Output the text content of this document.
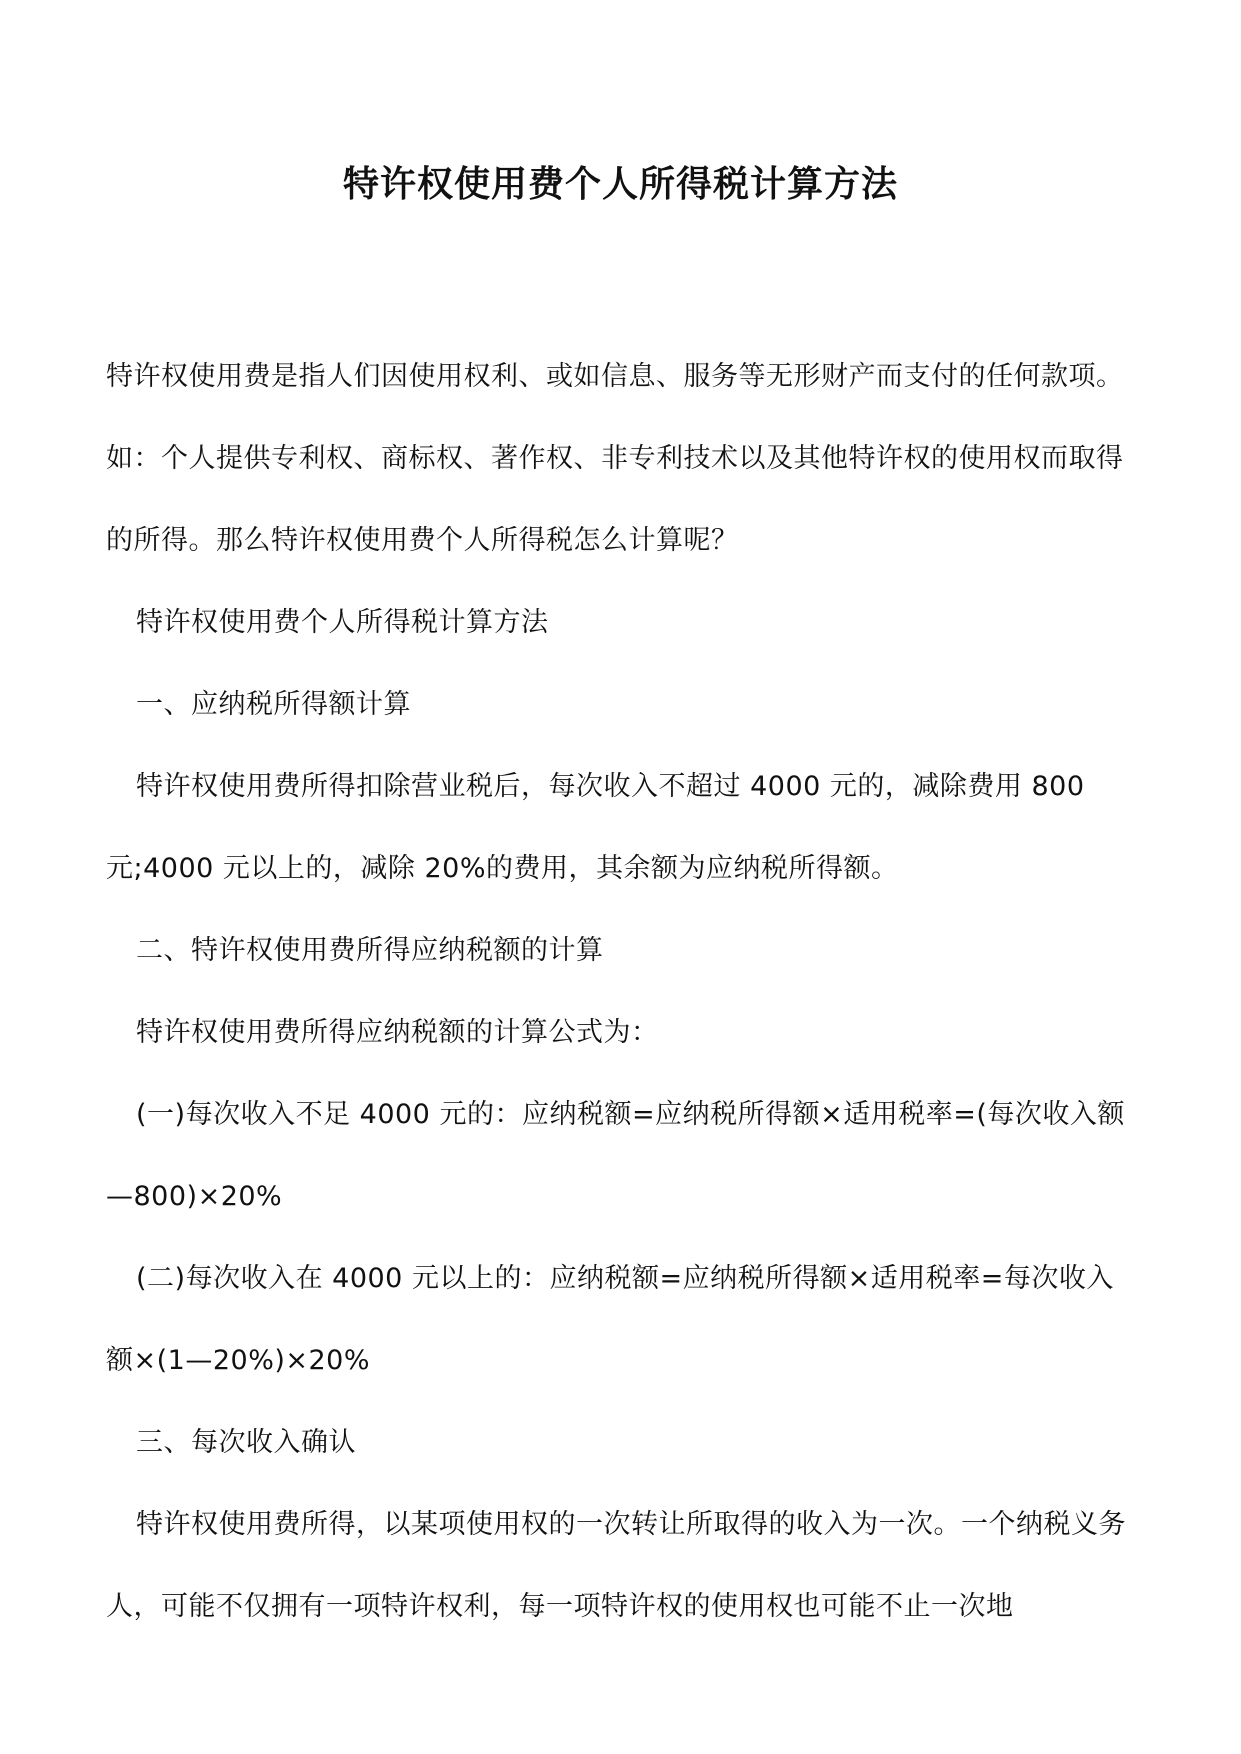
特许权使用费个人所得税计算方法

特许权使用费是指人们因使用权利、或如信息、服务等无形财产而支付的任何款项。如：个人提供专利权、商标权、著作权、非专利技术以及其他特许权的使用权而取得的所得。那么特许权使用费个人所得税怎么计算呢？

特许权使用费个人所得税计算方法

一、应纳税所得额计算

特许权使用费所得扣除营业税后，每次收入不超过 4000 元的，减除费用 800 元;4000 元以上的，减除 20%的费用，其余额为应纳税所得额。

二、特许权使用费所得应纳税额的计算

特许权使用费所得应纳税额的计算公式为：

(一)每次收入不足 4000 元的：应纳税额=应纳税所得额×适用税率=(每次收入额—800)×20%

(二)每次收入在 4000 元以上的：应纳税额=应纳税所得额×适用税率=每次收入额×(1—20%)×20%

三、每次收入确认

特许权使用费所得，以某项使用权的一次转让所取得的收入为一次。一个纳税义务人，可能不仅拥有一项特许权利，每一项特许权的使用权也可能不止一次地
